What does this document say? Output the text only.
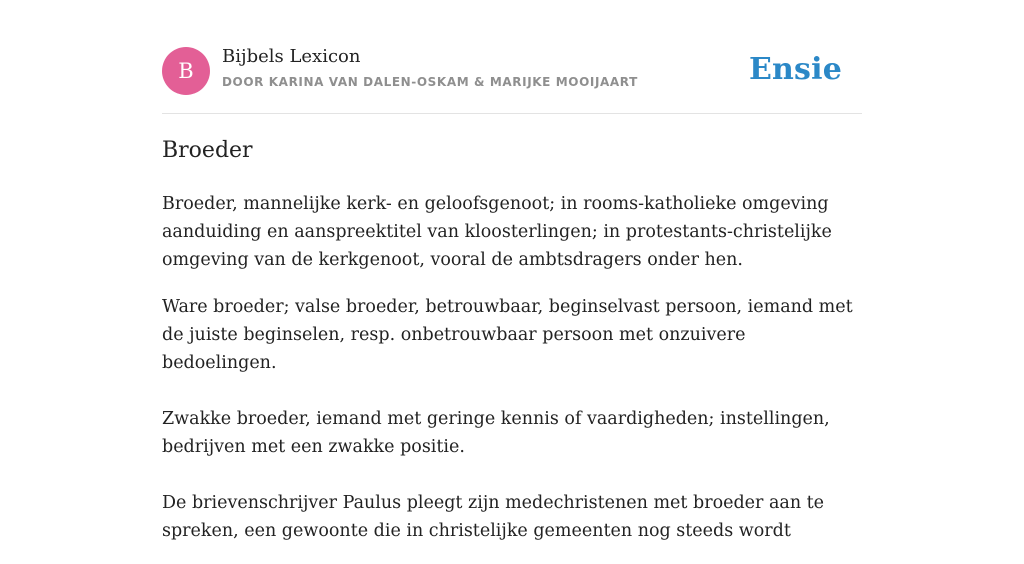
B
Bijbels Lexicon
DOOR KARINA VAN DALEN-OSKAM & MARIJKE MOOIJAART	Ensie
Broeder

Broeder, mannelijke kerk- en geloofsgenoot; in rooms-katholieke omgeving aanduiding en aanspreektitel van kloosterlingen; in protestants-christelijke omgeving van de kerkgenoot, vooral de ambtsdragers onder hen.

Ware broeder; valse broeder, betrouwbaar, beginselvast persoon, iemand met de juiste beginselen, resp. onbetrouwbaar persoon met onzuivere bedoelingen.

Zwakke broeder, iemand met geringe kennis of vaardigheden; instellingen, bedrijven met een zwakke positie.

De brievenschrijver Paulus pleegt zijn medechristenen met broeder aan te spreken, een gewoonte die in christelijke gemeenten nog steeds wordt
